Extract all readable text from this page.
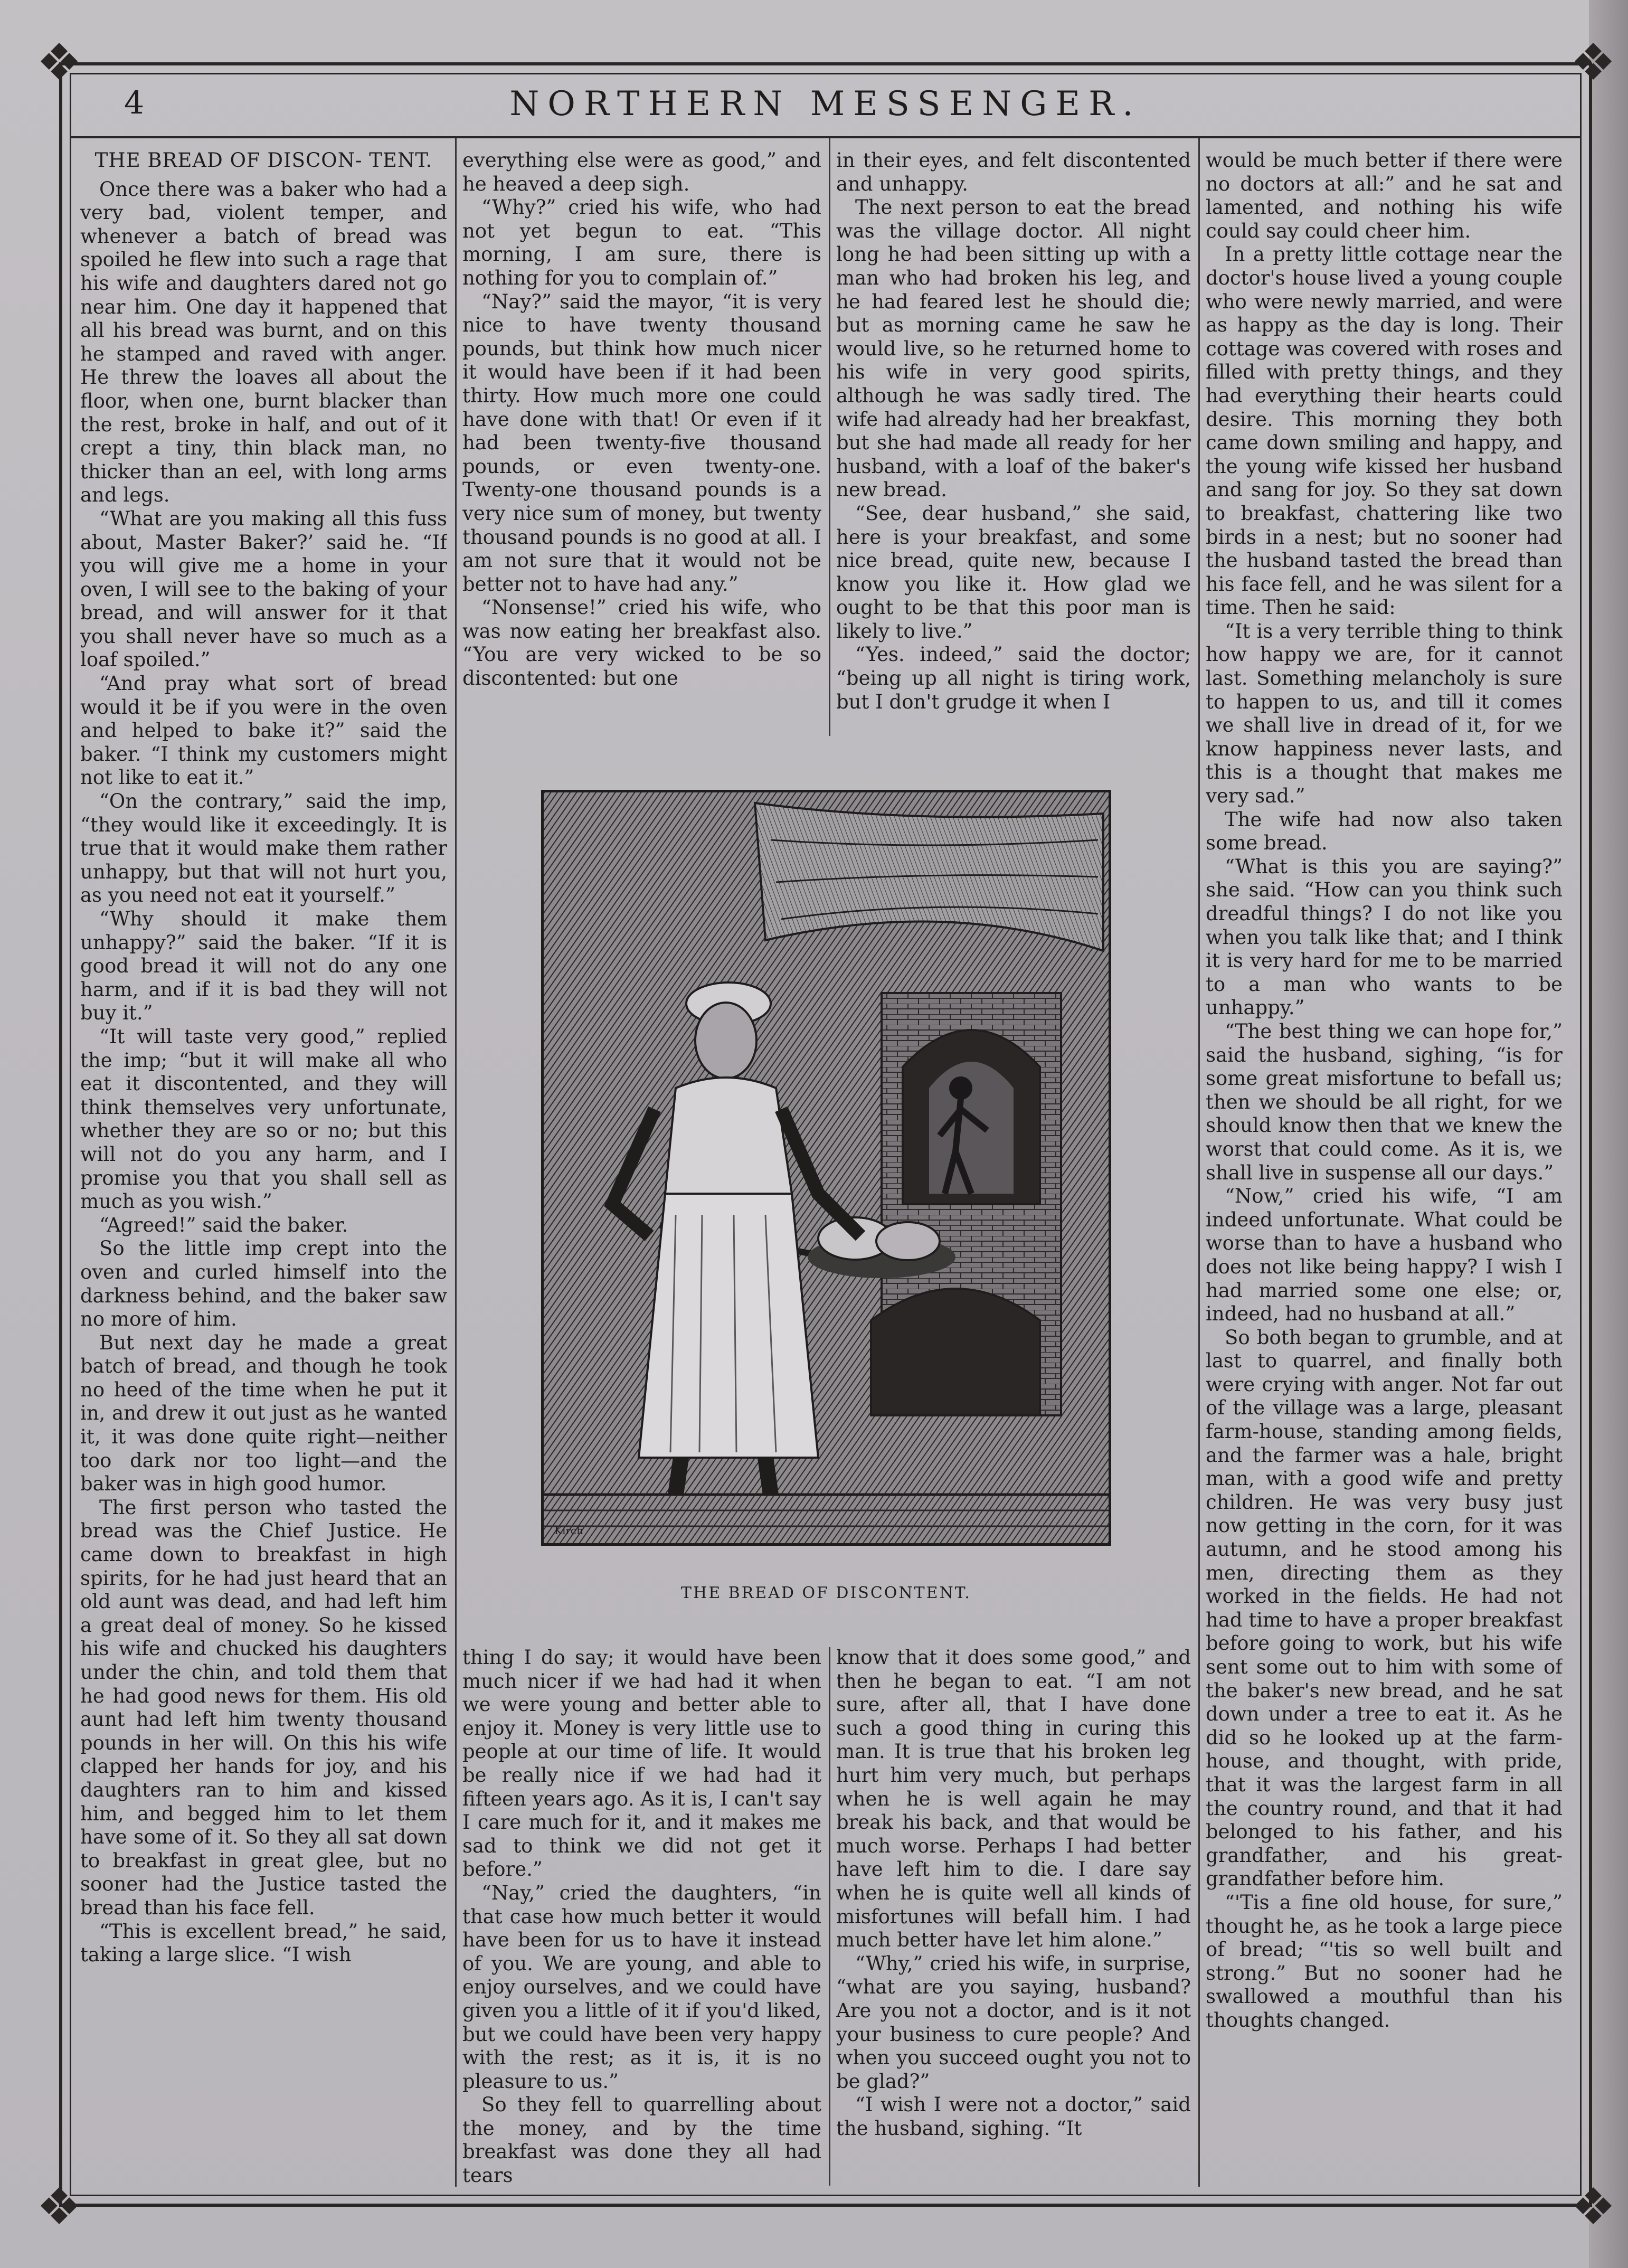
❖	❖
❖	❖
4	NORTHERN MESSENGER.

THE BREAD OF DISCON- TENT.

Once there was a baker who had a very bad, violent temper, and whenever a batch of bread was spoiled he flew into such a rage that his wife and daughters dared not go near him. One day it happened that all his bread was burnt, and on this he stamped and raved with anger. He threw the loaves all about the floor, when one, burnt blacker than the rest, broke in half, and out of it crept a tiny, thin black man, no thicker than an eel, with long arms and legs.

“What are you making all this fuss about, Master Baker?’ said he. “If you will give me a home in your oven, I will see to the baking of your bread, and will answer for it that you shall never have so much as a loaf spoiled.”

“And pray what sort of bread would it be if you were in the oven and helped to bake it?” said the baker. “I think my customers might not like to eat it.”

“On the contrary,” said the imp, “they would like it exceedingly. It is true that it would make them rather unhappy, but that will not hurt you, as you need not eat it yourself.”

“Why should it make them unhappy?” said the baker. “If it is good bread it will not do any one harm, and if it is bad they will not buy it.”

“It will taste very good,” replied the imp; “but it will make all who eat it discontented, and they will think themselves very unfortunate, whether they are so or no; but this will not do you any harm, and I promise you that you shall sell as much as you wish.”

“Agreed!” said the baker.

So the little imp crept into the oven and curled himself into the darkness behind, and the baker saw no more of him.

But next day he made a great batch of bread, and though he took no heed of the time when he put it in, and drew it out just as he wanted it, it was done quite right—neither too dark nor too light—and the baker was in high good humor.

The first person who tasted the bread was the Chief Justice. He came down to breakfast in high spirits, for he had just heard that an old aunt was dead, and had left him a great deal of money. So he kissed his wife and chucked his daughters under the chin, and told them that he had good news for them. His old aunt had left him twenty thousand pounds in her will. On this his wife clapped her hands for joy, and his daughters ran to him and kissed him, and begged him to let them have some of it. So they all sat down to breakfast in great glee, but no sooner had the Justice tasted the bread than his face fell.

“This is excellent bread,” he said, taking a large slice. “I wish

everything else were as good,” and he heaved a deep sigh.

“Why?” cried his wife, who had not yet begun to eat. “This morning, I am sure, there is nothing for you to complain of.”

“Nay?” said the mayor, “it is very nice to have twenty thousand pounds, but think how much nicer it would have been if it had been thirty. How much more one could have done with that! Or even if it had been twenty-five thousand pounds, or even twenty-one. Twenty-one thousand pounds is a very nice sum of money, but twenty thousand pounds is no good at all. I am not sure that it would not be better not to have had any.”

“Nonsense!” cried his wife, who was now eating her breakfast also. “You are very wicked to be so discontented: but one

in their eyes, and felt discontented and unhappy.

The next person to eat the bread was the village doctor. All night long he had been sitting up with a man who had broken his leg, and he had feared lest he should die; but as morning came he saw he would live, so he returned home to his wife in very good spirits, although he was sadly tired. The wife had already had her breakfast, but she had made all ready for her husband, with a loaf of the baker's new bread.

“See, dear husband,” she said, here is your breakfast, and some nice bread, quite new, because I know you like it. How glad we ought to be that this poor man is likely to live.”

“Yes. indeed,” said the doctor; “being up all night is tiring work, but I don't grudge it when I

would be much better if there were no doctors at all:” and he sat and lamented, and nothing his wife could say could cheer him.

In a pretty little cottage near the doctor's house lived a young couple who were newly married, and were as happy as the day is long. Their cottage was covered with roses and filled with pretty things, and they had everything their hearts could desire. This morning they both came down smiling and happy, and the young wife kissed her husband and sang for joy. So they sat down to breakfast, chattering like two birds in a nest; but no sooner had the husband tasted the bread than his face fell, and he was silent for a time. Then he said:

“It is a very terrible thing to think how happy we are, for it cannot last. Something melancholy is sure to happen to us, and till it comes we shall live in dread of it, for we know happiness never lasts, and this is a thought that makes me very sad.”

The wife had now also taken some bread.

“What is this you are saying?” she said. “How can you think such dreadful things? I do not like you when you talk like that; and I think it is very hard for me to be married to a man who wants to be unhappy.”

“The best thing we can hope for,” said the husband, sighing, “is for some great misfortune to befall us; then we should be all right, for we should know then that we knew the worst that could come. As it is, we shall live in suspense all our days.”

“Now,” cried his wife, “I am indeed unfortunate. What could be worse than to have a husband who does not like being happy? I wish I had married some one else; or, indeed, had no husband at all.”

So both began to grumble, and at last to quarrel, and finally both were crying with anger. Not far out of the village was a large, pleasant farm-house, standing among fields, and the farmer was a hale, bright man, with a good wife and pretty children. He was very busy just now getting in the corn, for it was autumn, and he stood among his men, directing them as they worked in the fields. He had not had time to have a proper breakfast before going to work, but his wife sent some out to him with some of the baker's new bread, and he sat down under a tree to eat it. As he did so he looked up at the farm-house, and thought, with pride, that it was the largest farm in all the country round, and that it had belonged to his father, and his grandfather, and his great-grandfather before him.

“'Tis a fine old house, for sure,” thought he, as he took a large piece of bread; “'tis so well built and strong.” But no sooner had he swallowed a mouthful than his thoughts changed.

Kirch
THE BREAD OF DISCONTENT.

thing I do say; it would have been much nicer if we had had it when we were young and better able to enjoy it. Money is very little use to people at our time of life. It would be really nice if we had had it fifteen years ago. As it is, I can't say I care much for it, and it makes me sad to think we did not get it before.”

“Nay,” cried the daughters, “in that case how much better it would have been for us to have it instead of you. We are young, and able to enjoy ourselves, and we could have given you a little of it if you'd liked, but we could have been very happy with the rest; as it is, it is no pleasure to us.”

So they fell to quarrelling about the money, and by the time breakfast was done they all had tears

know that it does some good,” and then he began to eat. “I am not sure, after all, that I have done such a good thing in curing this man. It is true that his broken leg hurt him very much, but perhaps when he is well again he may break his back, and that would be much worse. Perhaps I had better have left him to die. I dare say when he is quite well all kinds of misfortunes will befall him. I had much better have let him alone.”

“Why,” cried his wife, in surprise, “what are you saying, husband? Are you not a doctor, and is it not your business to cure people? And when you succeed ought you not to be glad?”

“I wish I were not a doctor,” said the husband, sighing. “It
